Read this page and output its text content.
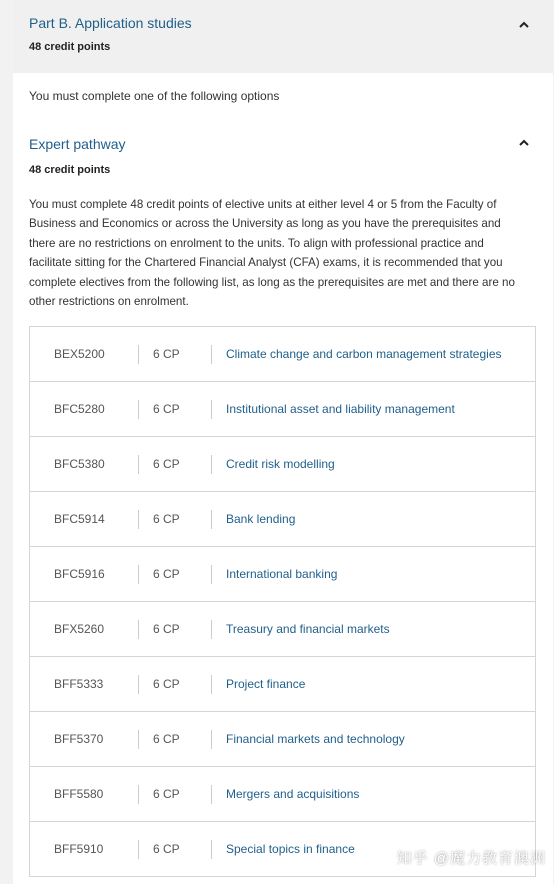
Part B. Application studies
48 credit points
You must complete one of the following options
Expert pathway
48 credit points
You must complete 48 credit points of elective units at either level 4 or 5 from the Faculty of Business and Economics or across the University as long as you have the prerequisites and there are no restrictions on enrolment to the units. To align with professional practice and facilitate sitting for the Chartered Financial Analyst (CFA) exams, it is recommended that you complete electives from the following list, as long as the prerequisites are met and there are no other restrictions on enrolment.
BEX5200	6 CP	Climate change and carbon management strategies
BFC5280	6 CP	Institutional asset and liability management
BFC5380	6 CP	Credit risk modelling
BFC5914	6 CP	Bank lending
BFC5916	6 CP	International banking
BFX5260	6 CP	Treasury and financial markets
BFF5333	6 CP	Project finance
BFF5370	6 CP	Financial markets and technology
BFF5580	6 CP	Mergers and acquisitions
BFF5910	6 CP	Special topics in finance
知乎 @魔力教育澳洲
